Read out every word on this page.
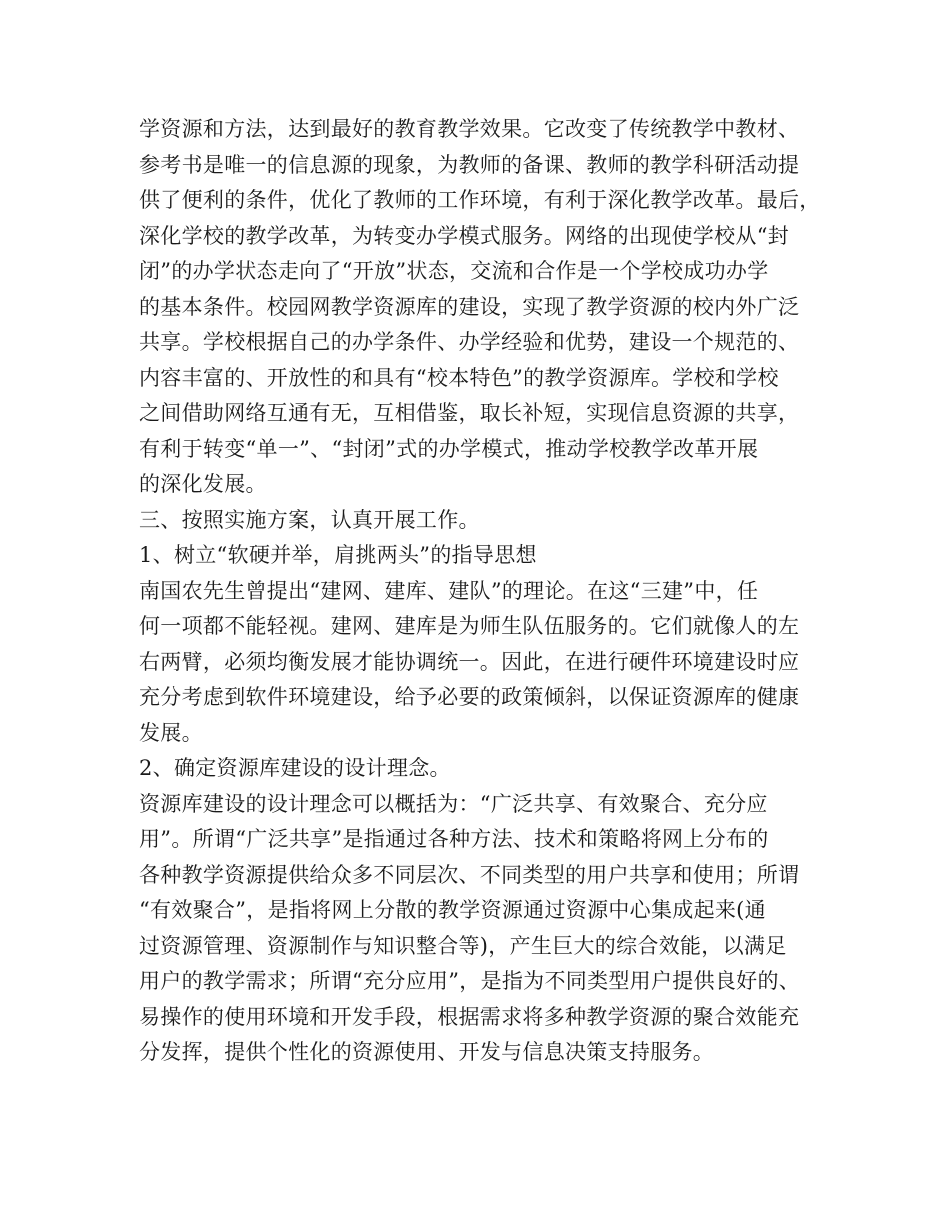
学资源和方法，达到最好的教育教学效果。它改变了传统教学中教材、
参考书是唯一的信息源的现象，为教师的备课、教师的教学科研活动提
供了便利的条件，优化了教师的工作环境，有利于深化教学改革。最后，
深化学校的教学改革，为转变办学模式服务。网络的出现使学校从“封
闭”的办学状态走向了“开放”状态，交流和合作是一个学校成功办学
的基本条件。校园网教学资源库的建设，实现了教学资源的校内外广泛
共享。学校根据自己的办学条件、办学经验和优势，建设一个规范的、
内容丰富的、开放性的和具有“校本特色”的教学资源库。学校和学校
之间借助网络互通有无，互相借鉴，取长补短，实现信息资源的共享，
有利于转变“单一”、“封闭”式的办学模式，推动学校教学改革开展
的深化发展。
三、按照实施方案，认真开展工作。
1、树立“软硬并举，肩挑两头”的指导思想
南国农先生曾提出“建网、建库、建队”的理论。在这“三建”中，任
何一项都不能轻视。建网、建库是为师生队伍服务的。它们就像人的左
右两臂，必须均衡发展才能协调统一。因此，在进行硬件环境建设时应
充分考虑到软件环境建设，给予必要的政策倾斜，以保证资源库的健康
发展。
2、确定资源库建设的设计理念。
资源库建设的设计理念可以概括为：“广泛共享、有效聚合、充分应
用”。所谓“广泛共享”是指通过各种方法、技术和策略将网上分布的
各种教学资源提供给众多不同层次、不同类型的用户共享和使用；所谓
“有效聚合”，是指将网上分散的教学资源通过资源中心集成起来(通
过资源管理、资源制作与知识整合等)，产生巨大的综合效能，以满足
用户的教学需求；所谓“充分应用”，是指为不同类型用户提供良好的、
易操作的使用环境和开发手段，根据需求将多种教学资源的聚合效能充
分发挥，提供个性化的资源使用、开发与信息决策支持服务。
